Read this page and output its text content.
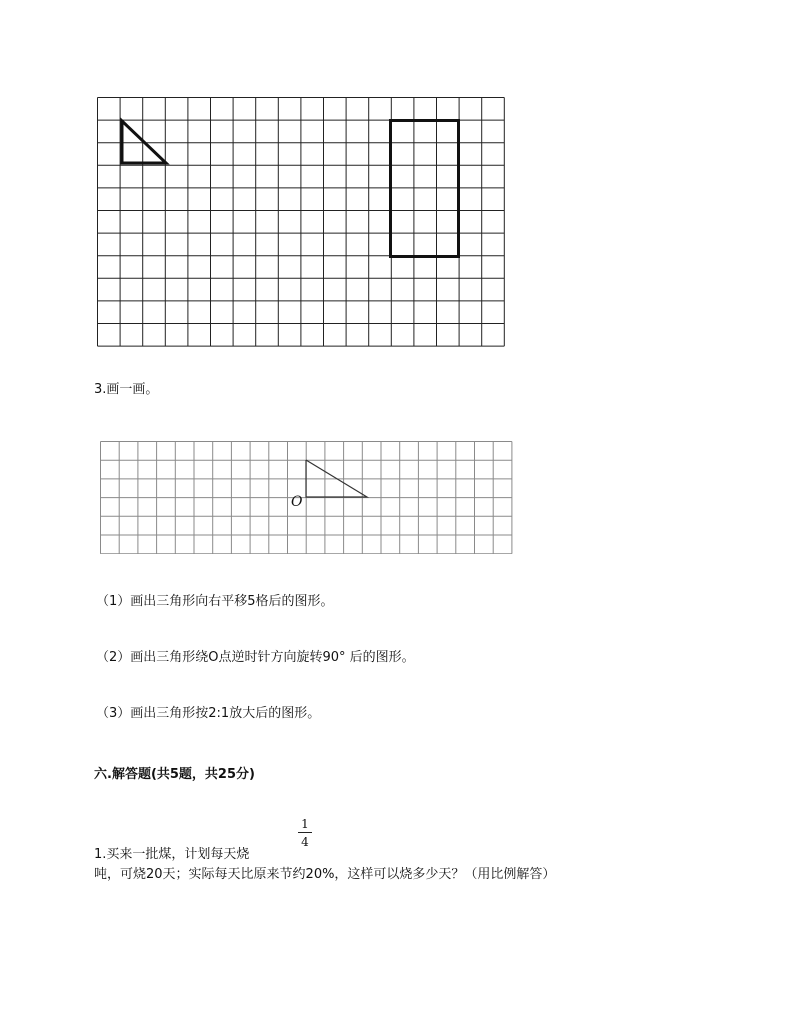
3.画一画。
O
（1）画出三角形向右平移5格后的图形。
（2）画出三角形绕O点逆时针方向旋转90° 后的图形。
（3）画出三角形按2:1放大后的图形。
六.解答题(共5题，共25分)
1
4
1.买来一批煤，计划每天烧
吨，可烧20天；实际每天比原来节约20%，这样可以烧多少天？（用比例解答）
